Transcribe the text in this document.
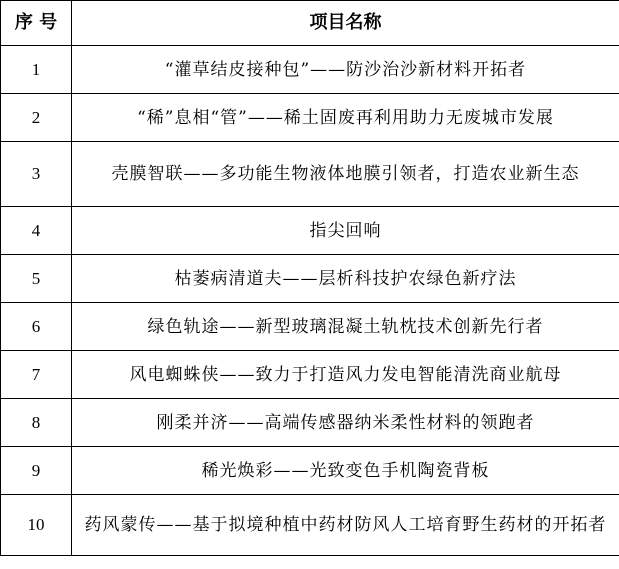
序 号	项目名称
1	“灌草结皮接种包”——防沙治沙新材料开拓者
2	“稀”息相“管”——稀土固废再利用助力无废城市发展
3	壳膜智联——多功能生物液体地膜引领者，打造农业新生态
4	指尖回响
5	枯萎病清道夫——层析科技护农绿色新疗法
6	绿色轨途——新型玻璃混凝土轨枕技术创新先行者
7	风电蜘蛛侠——致力于打造风力发电智能清洗商业航母
8	刚柔并济——高端传感器纳米柔性材料的领跑者
9	稀光焕彩——光致变色手机陶瓷背板
10	药风蒙传——基于拟境种植中药材防风人工培育野生药材的开拓者
